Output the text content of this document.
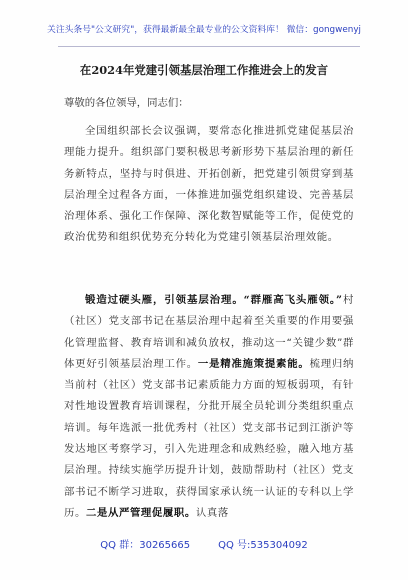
关注头条号"公文研究"，获得最新最全最专业的公文资料库！ 微信：gongwenyj
在2024年党建引领基层治理工作推进会上的发言
尊敬的各位领导，同志们：
全国组织部长会议强调，要常态化推进抓党建促基层治理能力提升。组织部门要积极思考新形势下基层治理的新任务新特点，坚持与时俱进、开拓创新，把党建引领贯穿到基层治理全过程各方面，一体推进加强党组织建设、完善基层治理体系、强化工作保障、深化数智赋能等工作，促使党的政治优势和组织优势充分转化为党建引领基层治理效能。
锻造过硬头雁，引领基层治理。“群雁高飞头雁领。”村（社区）党支部书记在基层治理中起着至关重要的作用要强化管理监督、教育培训和减负放权，推动这一“关键少数”群体更好引领基层治理工作。一是精准施策提素能。梳理归纳当前村（社区）党支部书记素质能力方面的短板弱项，有针对性地设置教育培训课程，分批开展全员轮训分类组织重点培训。每年选派一批优秀村（社区）党支部书记到江浙沪等发达地区考察学习，引入先进理念和成熟经验，融入地方基层治理。持续实施学历提升计划，鼓励帮助村（社区）党支部书记不断学习进取，获得国家承认统一认证的专科以上学历。二是从严管理促履职。认真落
QQ 群：30265665	QQ 号:535304092
